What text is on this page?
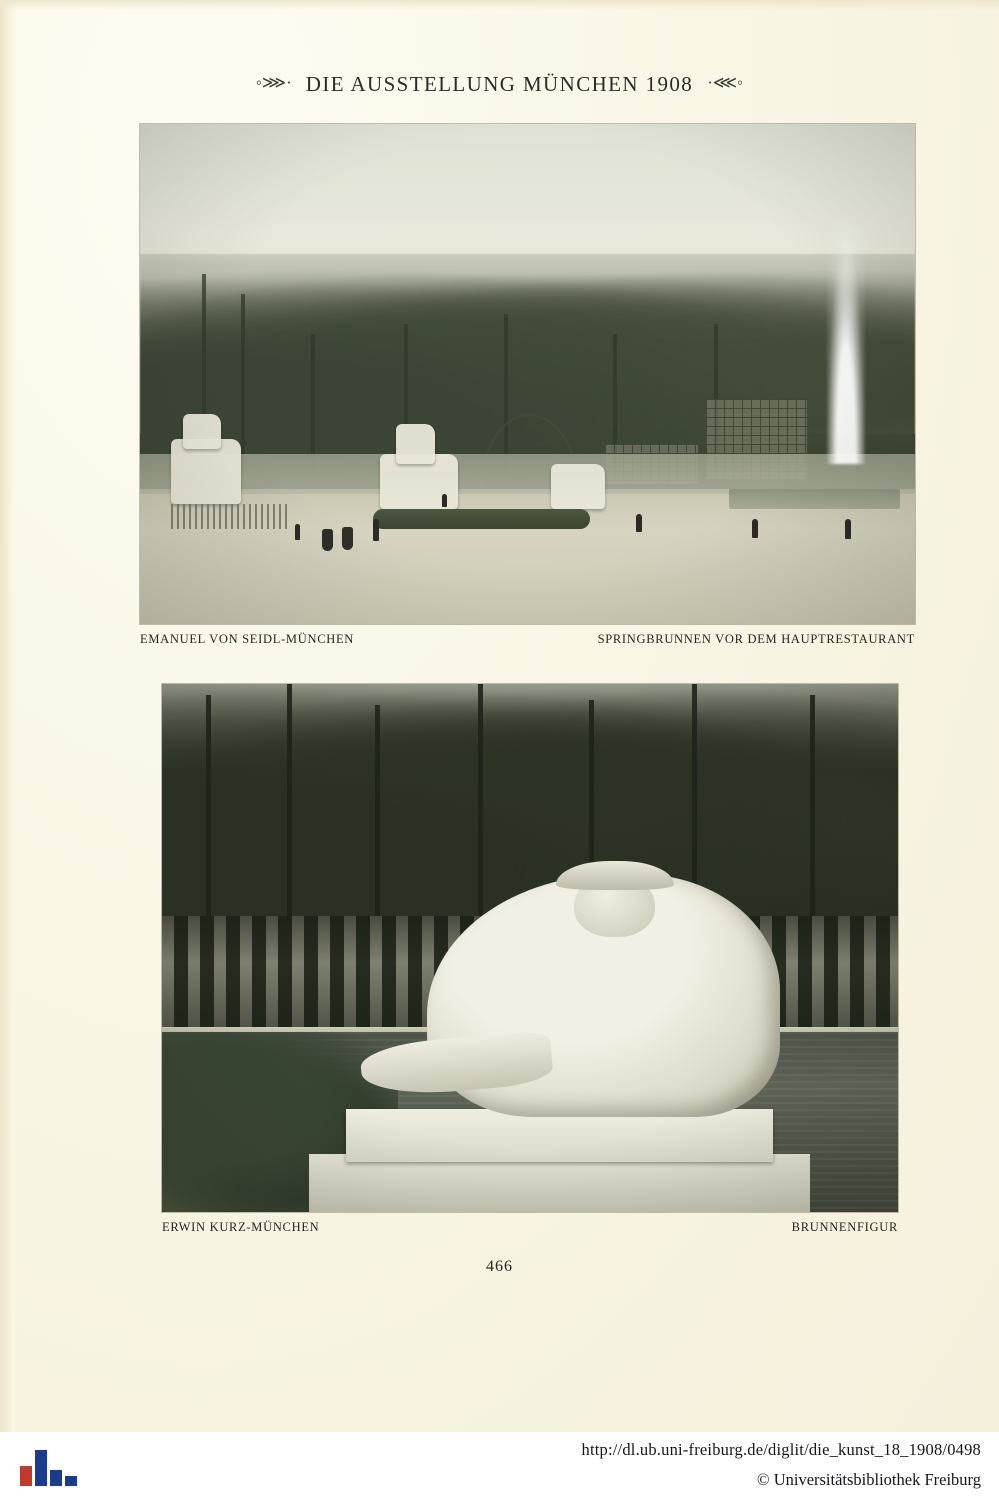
◦⋙· DIE AUSSTELLUNG MÜNCHEN 1908 ·⋘◦
EMANUEL VON SEIDL-MÜNCHEN	SPRINGBRUNNEN VOR DEM HAUPTRESTAURANT
ERWIN KURZ-MÜNCHEN	BRUNNENFIGUR
466
http://dl.ub.uni-freiburg.de/diglit/die_kunst_18_1908/0498
© Universitätsbibliothek Freiburg
